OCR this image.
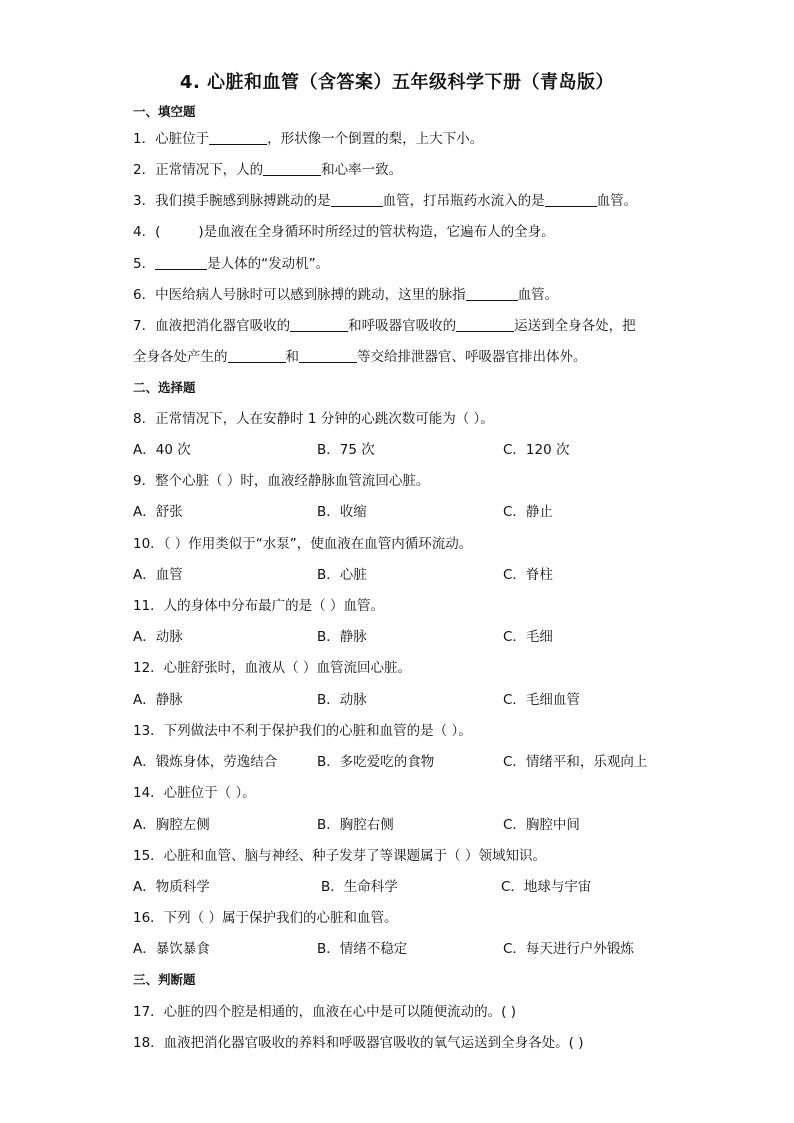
4. 心脏和血管（含答案）五年级科学下册（青岛版）
一、填空题
1．心脏位于	，形状像一个倒置的梨，上大下小。
2．正常情况下，人的	和心率一致。
3．我们摸手腕感到脉搏跳动的是	血管，打吊瓶药水流入的是	血管。
4．(	)是血液在全身循环时所经过的管状构造，它遍布人的全身。
5．	是人体的“发动机”。
6．中医给病人号脉时可以感到脉搏的跳动，这里的脉指	血管。
7．血液把消化器官吸收的	和呼吸器官吸收的	运送到全身各处，把
全身各处产生的	和	等交给排泄器官、呼吸器官排出体外。
二、选择题
8．正常情况下，人在安静时 1 分钟的心跳次数可能为（ ）。
A．40 次	B．75 次	C．120 次
9．整个心脏（ ）时，血液经静脉血管流回心脏。
A．舒张	B．收缩	C．静止
10．（ ）作用类似于“水泵”，使血液在血管内循环流动。
A．血管	B．心脏	C．脊柱
11．人的身体中分布最广的是（ ）血管。
A．动脉	B．静脉	C．毛细
12．心脏舒张时，血液从（ ）血管流回心脏。
A．静脉	B．动脉	C．毛细血管
13．下列做法中不利于保护我们的心脏和血管的是（ ）。
A．锻炼身体，劳逸结合	B．多吃爱吃的食物	C．情绪平和，乐观向上
14．心脏位于（ ）。
A．胸腔左侧	B．胸腔右侧	C．胸腔中间
15．心脏和血管、脑与神经、种子发芽了等课题属于（ ）领域知识。
A．物质科学	B．生命科学	C．地球与宇宙
16．下列（ ）属于保护我们的心脏和血管。
A．暴饮暴食	B．情绪不稳定	C．每天进行户外锻炼
三、判断题
17．心脏的四个腔是相通的，血液在心中是可以随便流动的。( )
18．血液把消化器官吸收的养料和呼吸器官吸收的氧气运送到全身各处。( )
